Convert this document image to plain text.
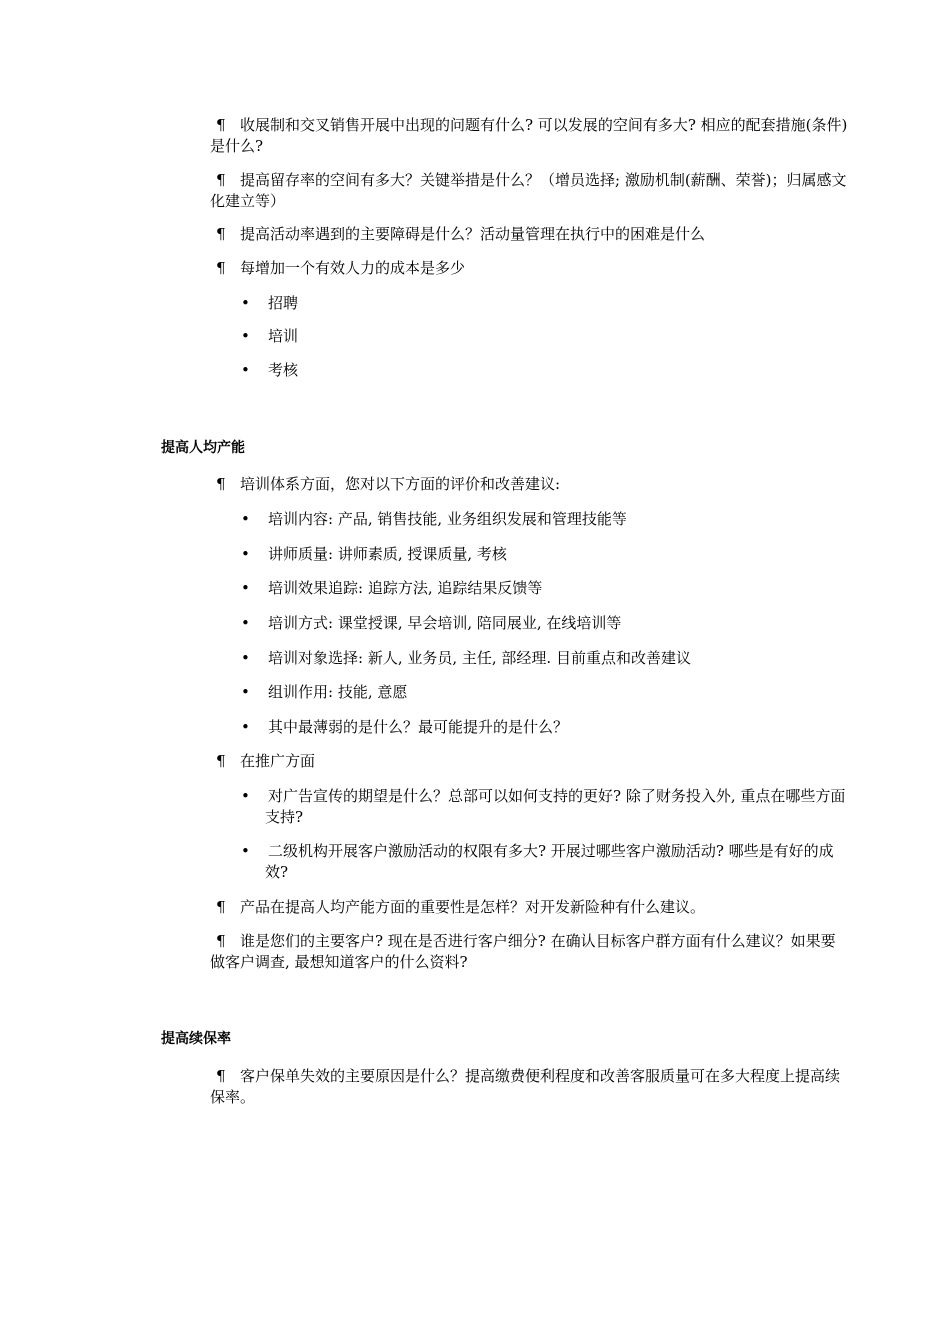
¶ 收展制和交叉销售开展中出现的问题有什么? 可以发展的空间有多大? 相应的配套措施(条件)是什么?
¶ 提高留存率的空间有多大？关键举措是什么？（增员选择; 激励机制(薪酬、荣誉)；归属感文化建立等）
¶ 提高活动率遇到的主要障碍是什么？活动量管理在执行中的困难是什么
¶ 每增加一个有效人力的成本是多少
•	招聘
•	培训
•	考核
提高人均产能
¶ 培训体系方面，您对以下方面的评价和改善建议:
•	培训内容: 产品, 销售技能, 业务组织发展和管理技能等
•	讲师质量: 讲师素质, 授课质量, 考核
•	培训效果追踪: 追踪方法, 追踪结果反馈等
•	培训方式: 课堂授课, 早会培训, 陪同展业, 在线培训等
•	培训对象选择: 新人, 业务员, 主任, 部经理. 目前重点和改善建议
•	组训作用: 技能, 意愿
•	其中最薄弱的是什么？最可能提升的是什么？
¶ 在推广方面
•	对广告宣传的期望是什么？总部可以如何支持的更好? 除了财务投入外, 重点在哪些方面支持?
•	二级机构开展客户激励活动的权限有多大? 开展过哪些客户激励活动? 哪些是有好的成效?
¶ 产品在提高人均产能方面的重要性是怎样？对开发新险种有什么建议。
¶ 谁是您们的主要客户? 现在是否进行客户细分? 在确认目标客户群方面有什么建议？如果要做客户调查, 最想知道客户的什么资料?
提高续保率
¶ 客户保单失效的主要原因是什么？提高缴费便利程度和改善客服质量可在多大程度上提高续保率。
